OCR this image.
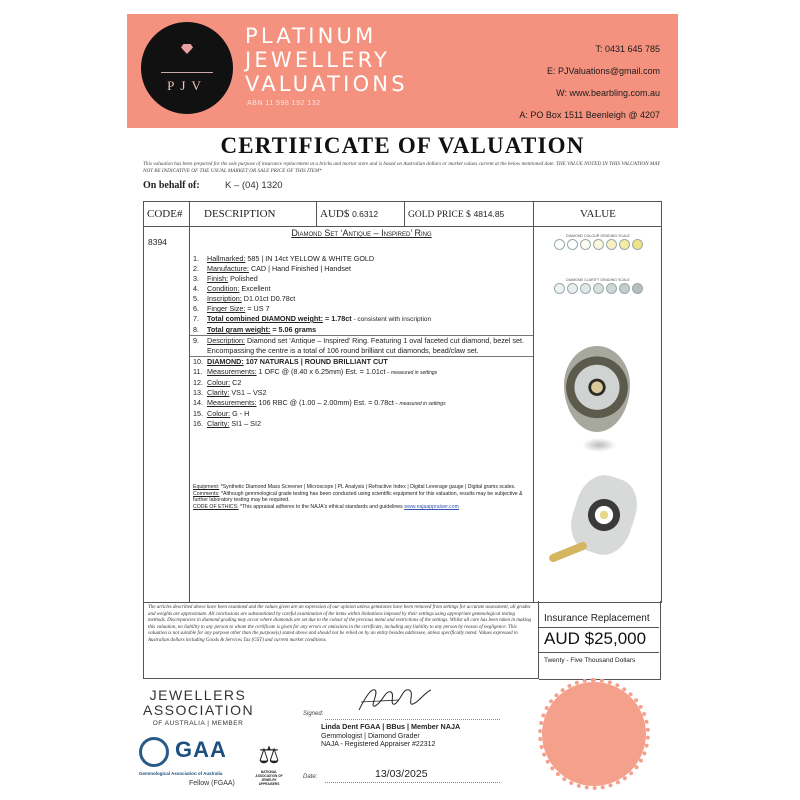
PJV
PLATINUM
JEWELLERY
VALUATIONS
ABN 11 598 192 132
T: 0431 645 785
E: PJValuations@gmail.com
W: www.bearbling.com.au
A: PO Box 1511 Beenleigh @ 4207
CERTIFICATE OF VALUATION
This valuation has been prepared for the sole purpose of insurance replacement at a bricks and mortar store and is based on Australian dollars or market values current at the below mentioned date. THE VALUE NOTED IN THIS VALUATION MAY NOT BE INDICATIVE OF THE USUAL MARKET OR SALE PRICE OF THIS ITEM*
On behalf of:	K – (04) 1320
CODE# DESCRIPTION	AUD$ 0.6312	GOLD PRICE $ 4814.85	VALUE
8394
Diamond Set ‘Antique – Inspired’ Ring
1.	Hallmarked: 585 | IN 14ct YELLOW & WHITE GOLD
2.	Manufacture: CAD | Hand Finished | Handset
3.	Finish: Polished
4.	Condition: Excellent
5.	Inscription: D1.01ct D0.78ct
6.	Finger Size: = US 7
7.	Total combined DIAMOND weight: = 1.78ct - consistent with inscription
8.	Total gram weight: = 5.06 grams
9.	Description: Diamond set ‘Antique – Inspired’ Ring. Featuring 1 oval faceted cut diamond, bezel set. Encompassing the centre is a total of 106 round brilliant cut diamonds, bead/claw set.
10. DIAMOND: 107 NATURALS | ROUND BRILLIANT CUT
11. Measurements: 1 OFC @ (8.40 x 6.25mm) Est. = 1.01ct – measured in settings
12. Colour: C2
13. Clarity: VS1 – VS2
14. Measurements: 106 RBC @ (1.00 – 2.00mm) Est. = 0.78ct – measured in settings
15. Colour: G - H
16. Clarity: SI1 – SI2
Equipment: *Synthetic Diamond Mass Screener | Microscope | PL Analysis | Refractive Index | Digital Leverage gauge | Digital grams scales.
Comments: *Although gemmological grade testing has been conducted using scientific equipment for this valuation, results may be subjective & further laboratory testing may be required.
CODE OF ETHICS: *This appraisal adheres to the NAJA's ethical standards and guidelines www.najaappraiser.com
DIAMOND COLOUR GRADING SCALE
DIAMOND CLARITY GRADING SCALE
The articles described above have been examined and the values given are an expression of our opinion unless gemstones have been removed from settings for accurate assessment, all grades and weights are approximate. All conclusions are substantiated by careful examination of the items within limitations imposed by their settings using appropriate gemmological testing methods. Discrepancies in diamond grading may occur where diamonds are set due to the colour of the precious metal and restrictions of the settings. Whilst all care has been taken in making this valuation, no liability to any person to whom the certificate is given for any errors or omissions in the certificate, including any liability to any person by reason of negligence. This valuation is not suitable for any purpose other than the purpose(s) stated above and should not be relied on by an entity besides addressee, unless specifically noted. Values expressed in Australian dollars including Goods & Services Tax (GST) and current market conditions.
Insurance Replacement
AUD $25,000
Twenty - Five Thousand Dollars
JEWELLERS
ASSOCIATION
OF AUSTRALIA | MEMBER
GAA
Gemmological Association of Australia
Fellow (FGAA)
⚖
NATIONAL ASSOCIATION OF JEWELRY APPRAISERS
Signed:
Linda Dent FGAA | BBus | Member NAJA
Gemmologist | Diamond Grader
NAJA - Registered Appraiser #22312
Date:	13/03/2025
